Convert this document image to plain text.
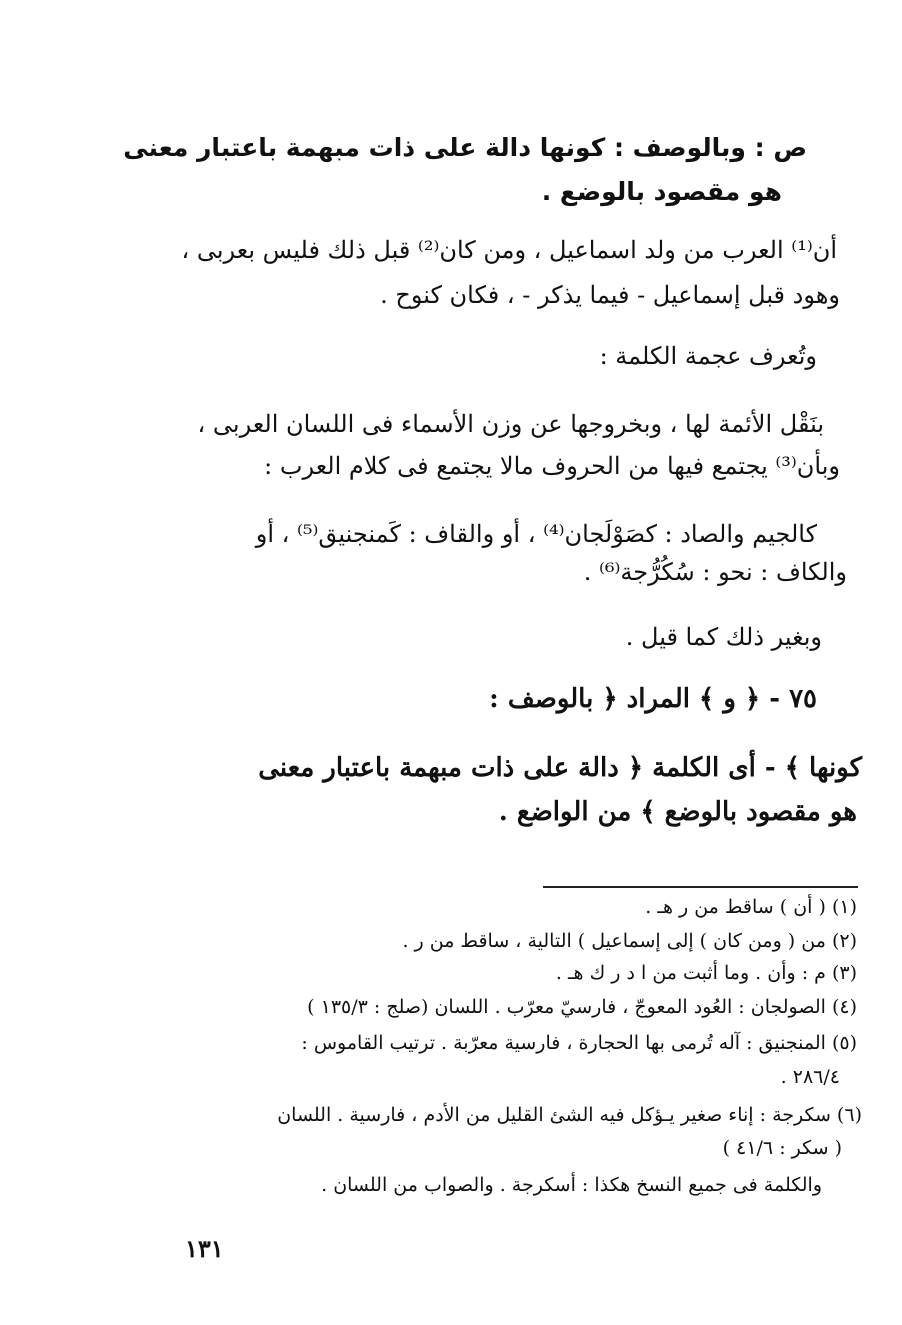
ص : وبالوصف : كونها دالة على ذات مبهمة باعتبار معنى
هو مقصود بالوضع .
أن⁽¹⁾ العرب من ولد اسماعيل ، ومن كان⁽²⁾ قبل ذلك فليس بعربى ،
وهود قبل إسماعيل - فيما يذكر - ، فكان كنوح .
وتُعرف عجمة الكلمة :
بنَقْل الأئمة لها ، وبخروجها عن وزن الأسماء فى اللسان العربى ،
وبأن⁽³⁾ يجتمع فيها من الحروف مالا يجتمع فى كلام العرب :
كالجيم والصاد : كصَوْلَجان⁽⁴⁾ ، أو والقاف : كَمنجنيق⁽⁵⁾ ، أو
والكاف : نحو : سُكُرُّجة⁽⁶⁾ .
وبغير ذلك كما قيل .
٧٥ - ﴿ و ﴾ المراد ﴿ بالوصف :
كونها ﴾ - أى الكلمة ﴿ دالة على ذات مبهمة باعتبار معنى
هو مقصود بالوضع ﴾ من الواضع .
(١) ( أن ) ساقط من ر هـ .
(٢) من ( ومن كان ) إلى إسماعيل ) التالية ، ساقط من ر .
(٣) م : وأن . وما أثبت من ا د ر ك هـ .
(٤) الصولجان : العُود المعوجّ ، فارسيّ معرّب . اللسان (صلج : ١٣٥/٣ )
(٥) المنجنيق : آله تُرمى بها الحجارة ، فارسية معرّبة . ترتيب القاموس :
٢٨٦/٤ .
(٦) سكرجة : إناء صغير يـؤكل فيه الشئ القليل من الأدم ، فارسية . اللسان
( سكر : ٤١/٦ )
والكلمة فى جميع النسخ هكذا : أسكرجة . والصواب من اللسان .
١٣١
